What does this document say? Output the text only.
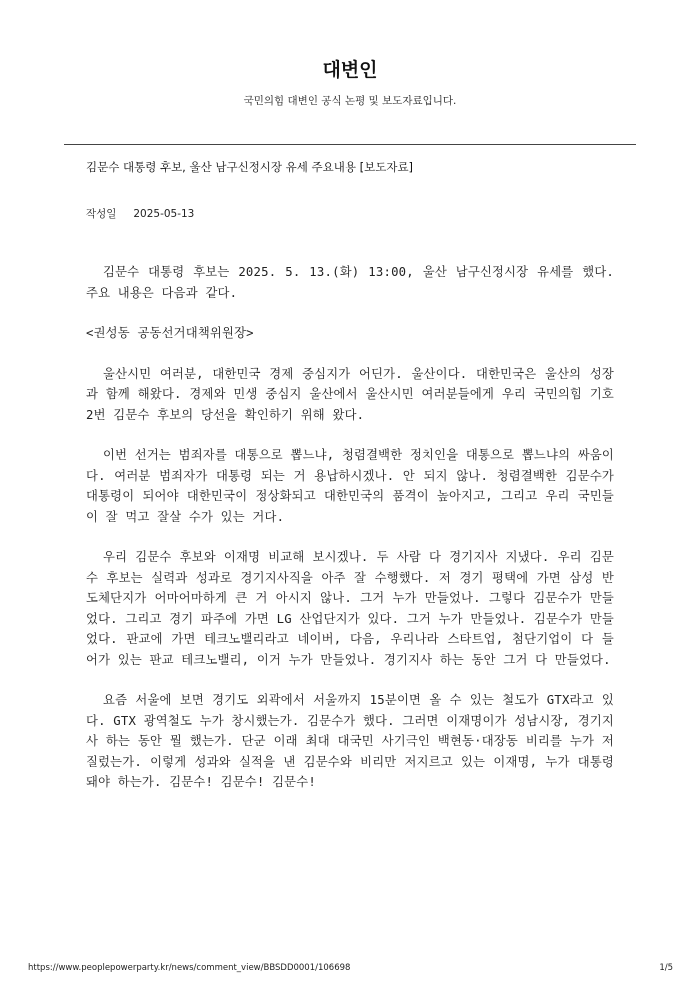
대변인
국민의힘 대변인 공식 논평 및 보도자료입니다.
김문수 대통령 후보, 울산 남구신정시장 유세 주요내용 [보도자료]
작성일 2025-05-13

김문수 대통령 후보는 2025. 5. 13.(화) 13:00, 울산 남구신정시장 유세를 했다. 주요 내용은 다음과 같다.

<권성동 공동선거대책위원장>

울산시민 여러분, 대한민국 경제 중심지가 어딘가. 울산이다. 대한민국은 울산의 성장과 함께 해왔다. 경제와 민생 중심지 울산에서 울산시민 여러분들에게 우리 국민의힘 기호 2번 김문수 후보의 당선을 확인하기 위해 왔다.

이번 선거는 범죄자를 대통으로 뽑느냐, 청렴결백한 정치인을 대통으로 뽑느냐의 싸움이다. 여러분 범죄자가 대통령 되는 거 용납하시겠나. 안 되지 않나. 청렴결백한 김문수가 대통령이 되어야 대한민국이 정상화되고 대한민국의 품격이 높아지고, 그리고 우리 국민들이 잘 먹고 잘살 수가 있는 거다.

우리 김문수 후보와 이재명 비교해 보시겠나. 두 사람 다 경기지사 지냈다. 우리 김문수 후보는 실력과 성과로 경기지사직을 아주 잘 수행했다. 저 경기 평택에 가면 삼성 반도체단지가 어마어마하게 큰 거 아시지 않나. 그거 누가 만들었나. 그렇다 김문수가 만들었다. 그리고 경기 파주에 가면 LG 산업단지가 있다. 그거 누가 만들었나. 김문수가 만들었다. 판교에 가면 테크노밸리라고 네이버, 다음, 우리나라 스타트업, 첨단기업이 다 들어가 있는 판교 테크노밸리, 이거 누가 만들었나. 경기지사 하는 동안 그거 다 만들었다.

요즘 서울에 보면 경기도 외곽에서 서울까지 15분이면 올 수 있는 철도가 GTX라고 있다. GTX 광역철도 누가 창시했는가. 김문수가 했다. 그러면 이재명이가 성남시장, 경기지사 하는 동안 뭘 했는가. 단군 이래 최대 대국민 사기극인 백현동·대장동 비리를 누가 저질렀는가. 이렇게 성과와 실적을 낸 김문수와 비리만 저지르고 있는 이재명, 누가 대통령 돼야 하는가. 김문수! 김문수! 김문수!

https://www.peoplepowerparty.kr/news/comment_view/BBSDD0001/106698	1/5
